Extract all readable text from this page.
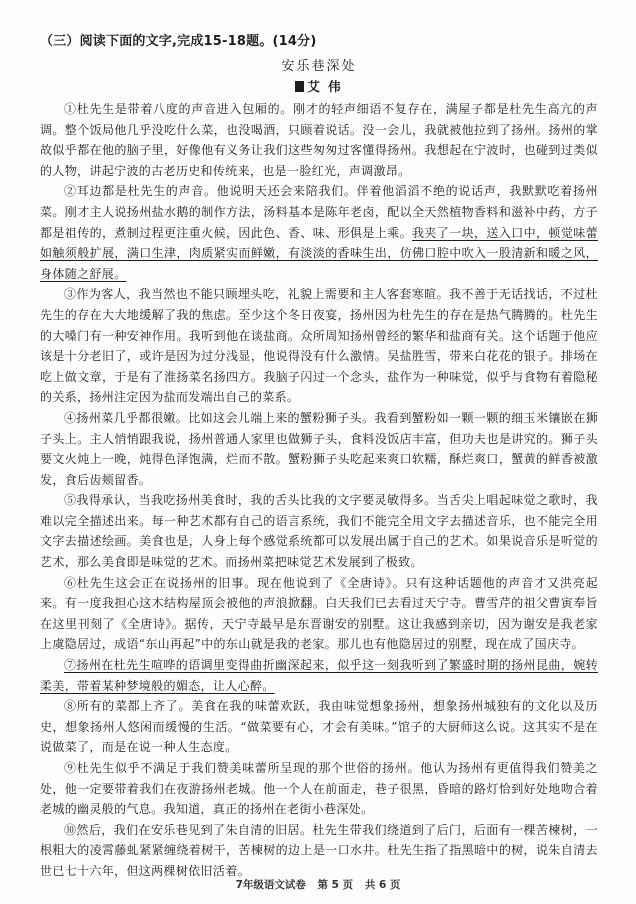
（三）阅读下面的文字,完成15-18题。(14分)
安乐巷深处
艾 伟

①杜先生是带着八度的声音进入包厢的。刚才的轻声细语不复存在，满屋子都是杜先生高亢的声调。整个饭局他几乎没吃什么菜，也没喝酒，只顾着说话。没一会儿，我就被他拉到了扬州。扬州的掌故似乎都在他的脑子里，好像他有义务让我们这些匆匆过客懂得扬州。我想起在宁波时，也碰到过类似的人物，讲起宁波的古老历史和传统来，也是一脸红光，声调激昂。

②耳边都是杜先生的声音。他说明天还会来陪我们。伴着他滔滔不绝的说话声，我默默吃着扬州菜。刚才主人说扬州盐水鹅的制作方法，汤料基本是陈年老卤，配以全天然植物香料和滋补中药，方子都是祖传的，煮制过程更注重火候，因此色、香、味、形俱是上乘。我夹了一块，送入口中，顿觉味蕾如触须般扩展，满口生津，肉质紧实而鲜嫩，有淡淡的香味生出，仿佛口腔中吹入一股清新和暖之风，身体随之舒展。

③作为客人，我当然也不能只顾埋头吃，礼貌上需要和主人客套寒暄。我不善于无话找话，不过杜先生的存在大大地缓解了我的焦虑。至少这个冬日夜宴，扬州因为杜先生的存在是热气腾腾的。杜先生的大嗓门有一种安神作用。我听到他在谈盐商。众所周知扬州曾经的繁华和盐商有关。这个话题于他应该是十分老旧了，或许是因为过分浅显，他说得没有什么激情。吴盐胜雪，带来白花花的银子。排场在吃上做文章，于是有了淮扬菜名扬四方。我脑子闪过一个念头，盐作为一种味觉，似乎与食物有着隐秘的关系，扬州注定因为盐而发端出自己的菜系。

④扬州菜几乎都很嫩。比如这会儿端上来的蟹粉狮子头。我看到蟹粉如一颗一颗的细玉米镶嵌在狮子头上。主人悄悄跟我说，扬州普通人家里也做狮子头，食料没饭店丰富，但功夫也是讲究的。狮子头要文火炖上一晚，炖得色泽饱满，烂而不散。蟹粉狮子头吃起来爽口软糯，酥烂爽口，蟹黄的鲜香被激发，食后齿颊留香。

⑤我得承认，当我吃扬州美食时，我的舌头比我的文字要灵敏得多。当舌尖上唱起味觉之歌时，我难以完全描述出来。每一种艺术都有自己的语言系统，我们不能完全用文字去描述音乐，也不能完全用文字去描述绘画。美食也是，人身上每个感觉系统都可以发展出属于自己的艺术。如果说音乐是听觉的艺术，那么美食即是味觉的艺术。而扬州菜把味觉艺术发展到了极致。

⑥杜先生这会正在说扬州的旧事。现在他说到了《全唐诗》。只有这种话题他的声音才又洪亮起来。有一度我担心这木结构屋顶会被他的声浪掀翻。白天我们已去看过天宁寺。曹雪芹的祖父曹寅奉旨在这里刊刻了《全唐诗》。据传，天宁寺最早是东晋谢安的别墅。这让我感到亲切，因为谢安是我老家上虞隐居过，成语“东山再起”中的东山就是我的老家。那儿也有他隐居过的别墅，现在成了国庆寺。

⑦扬州在杜先生喧哗的语调里变得曲折幽深起来，似乎这一刻我听到了繁盛时期的扬州昆曲，婉转柔美，带着某种梦境般的媚态，让人心醉。

⑧所有的菜都上齐了。美食在我的味蕾欢跃，我由味觉想象扬州，想象扬州城独有的文化以及历史，想象扬州人悠闲而缓慢的生活。“做菜要有心，才会有美味。”馆子的大厨师这么说。这其实不是在说做菜了，而是在说一种人生态度。

⑨杜先生似乎不满足于我们赞美味蕾所呈现的那个世俗的扬州。他认为扬州有更值得我们赞美之处，他一定要带着我们在夜游扬州老城。他一个人在前面走，巷子很黑，昏暗的路灯恰到好处地吻合着老城的幽灵般的气息。我知道，真正的扬州在老街小巷深处。

⑩然后，我们在安乐巷见到了朱自清的旧居。杜先生带我们绕道到了后门，后面有一棵苦楝树，一根粗大的凌霄藤虬紧紧缠绕着树干，苦楝树的边上是一口水井。杜先生指了指黑暗中的树，说朱自清去世已七十六年，但这两棵树依旧活着。

7年级语文试卷 第 5 页 共 6 页
